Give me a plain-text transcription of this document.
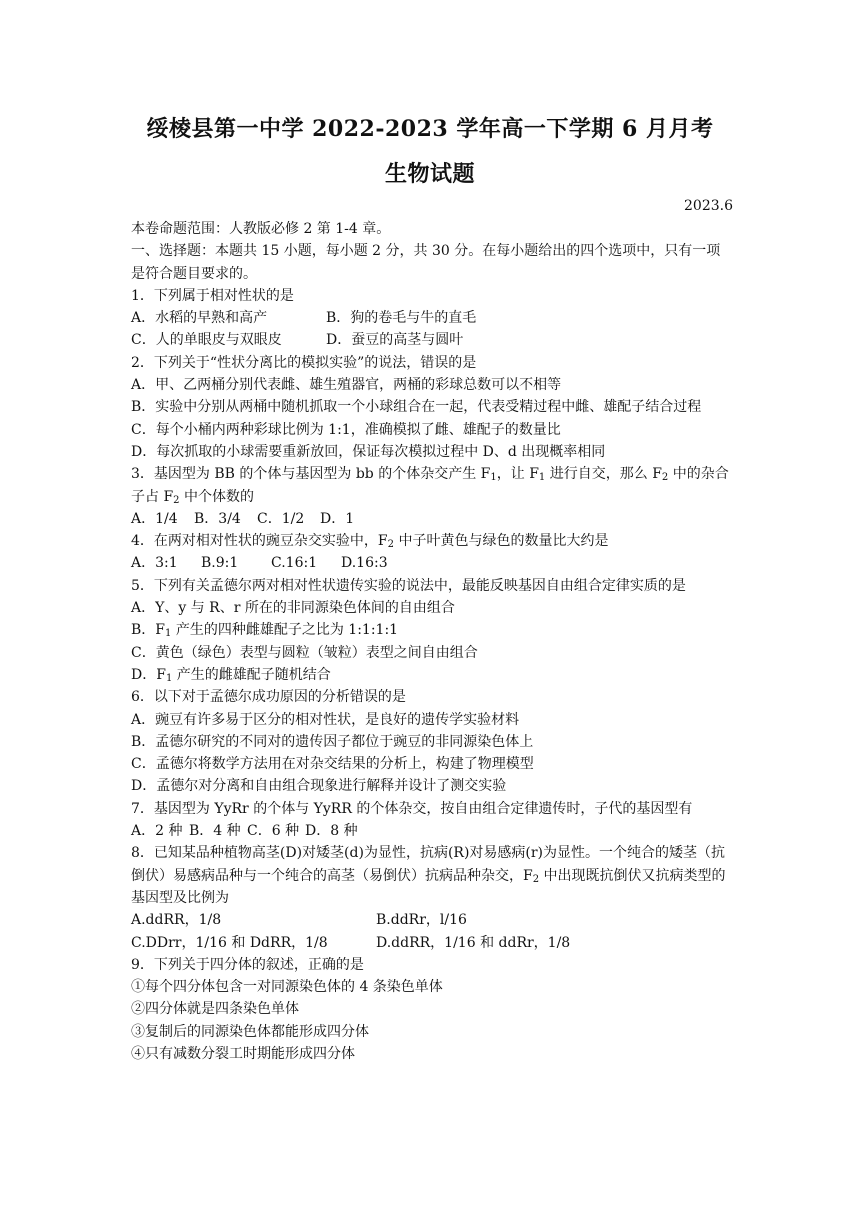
绥棱县第一中学 2022-2023 学年高一下学期 6 月月考
生物试题
2023.6
本卷命题范围：人教版必修 2 第 1-4 章。
一、选择题：本题共 15 小题，每小题 2 分，共 30 分。在每小题给出的四个选项中，只有一项是符合题目要求的。
1．下列属于相对性状的是
A．水稻的早熟和高产	B．狗的卷毛与牛的直毛
C．人的单眼皮与双眼皮	D．蚕豆的高茎与圆叶
2．下列关于“性状分离比的模拟实验”的说法，错误的是
A．甲、乙两桶分别代表雌、雄生殖器官，两桶的彩球总数可以不相等
B．实验中分别从两桶中随机抓取一个小球组合在一起，代表受精过程中雌、雄配子结合过程
C．每个小桶内两种彩球比例为 1:1，准确模拟了雌、雄配子的数量比
D．每次抓取的小球需要重新放回，保证每次模拟过程中 D、d 出现概率相同
3．基因型为 BB 的个体与基因型为 bb 的个体杂交产生 $F_1$，让 $F_1$ 进行自交，那么 $F_2$ 中的杂合子占 $F_2$ 中个体数的
A．1/4 B．3/4 C．1/2 D．1
4．在两对相对性状的豌豆杂交实验中，$F_2$ 中子叶黄色与绿色的数量比大约是
A．3:1 B.9:1 C.16:1 D.16:3
5．下列有关孟德尔两对相对性状遗传实验的说法中，最能反映基因自由组合定律实质的是
A．Y、y 与 R、r 所在的非同源染色体间的自由组合
B．$F_1$ 产生的四种雌雄配子之比为 1:1:1:1
C．黄色（绿色）表型与圆粒（皱粒）表型之间自由组合
D．$F_1$ 产生的雌雄配子随机结合
6．以下对于孟德尔成功原因的分析错误的是
A．豌豆有许多易于区分的相对性状，是良好的遗传学实验材料
B．孟德尔研究的不同对的遗传因子都位于豌豆的非同源染色体上
C．孟德尔将数学方法用在对杂交结果的分析上，构建了物理模型
D．孟德尔对分离和自由组合现象进行解释并设计了测交实验
7．基因型为 YyRr 的个体与 YyRR 的个体杂交，按自由组合定律遗传时，子代的基因型有
A．2 种 B．4 种 C．6 种 D．8 种
8．已知某品种植物高茎(D)对矮茎(d)为显性，抗病(R)对易感病(r)为显性。一个纯合的矮茎（抗倒伏）易感病品种与一个纯合的高茎（易倒伏）抗病品种杂交，$F_2$ 中出现既抗倒伏又抗病类型的基因型及比例为
A.ddRR，1/8	B.ddRr，l/16
C.DDrr，1/16 和 DdRR，1/8	D.ddRR，1/16 和 ddRr，1/8
9．下列关于四分体的叙述，正确的是
①每个四分体包含一对同源染色体的 4 条染色单体
②四分体就是四条染色单体
③复制后的同源染色体都能形成四分体
④只有减数分裂工时期能形成四分体
